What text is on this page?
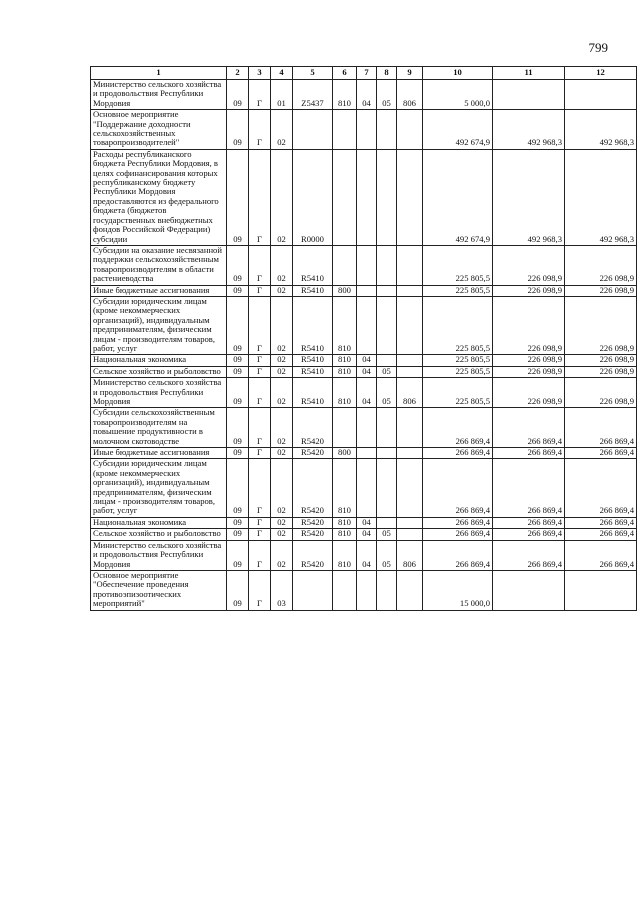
799
1	2	3	4	5	6	7	8	9	10	11	12
Министерство сельского хозяйства и продовольствия Республики Мордовия	09	Г	01	Z5437	810	04	05	806	5 000,0		
Основное мероприятие "Поддержание доходности сельскохозяйственных товаропроизводителей"	09	Г	02						492 674,9	492 968,3	492 968,3
Расходы республиканского бюджета Республики Мордовия, в целях софинансирования которых республиканскому бюджету Республики Мордовия предоставляются из федерального бюджета (бюджетов государственных внебюджетных фондов Российской Федерации) субсидии	09	Г	02	R0000					492 674,9	492 968,3	492 968,3
Субсидии на оказание несвязанной поддержки сельскохозяйственным товаропроизводителям в области растениеводства	09	Г	02	R5410					225 805,5	226 098,9	226 098,9
Иные бюджетные ассигнования	09	Г	02	R5410	800				225 805,5	226 098,9	226 098,9
Субсидии юридическим лицам (кроме некоммерческих организаций), индивидуальным предпринимателям, физическим лицам - производителям товаров, работ, услуг	09	Г	02	R5410	810				225 805,5	226 098,9	226 098,9
Национальная экономика	09	Г	02	R5410	810	04			225 805,5	226 098,9	226 098,9
Сельское хозяйство и рыболовство	09	Г	02	R5410	810	04	05		225 805,5	226 098,9	226 098,9
Министерство сельского хозяйства и продовольствия Республики Мордовия	09	Г	02	R5410	810	04	05	806	225 805,5	226 098,9	226 098,9
Субсидии сельскохозяйственным товаропроизводителям на повышение продуктивности в молочном скотоводстве	09	Г	02	R5420					266 869,4	266 869,4	266 869,4
Иные бюджетные ассигнования	09	Г	02	R5420	800				266 869,4	266 869,4	266 869,4
Субсидии юридическим лицам (кроме некоммерческих организаций), индивидуальным предпринимателям, физическим лицам - производителям товаров, работ, услуг	09	Г	02	R5420	810				266 869,4	266 869,4	266 869,4
Национальная экономика	09	Г	02	R5420	810	04			266 869,4	266 869,4	266 869,4
Сельское хозяйство и рыболовство	09	Г	02	R5420	810	04	05		266 869,4	266 869,4	266 869,4
Министерство сельского хозяйства и продовольствия Республики Мордовия	09	Г	02	R5420	810	04	05	806	266 869,4	266 869,4	266 869,4
Основное мероприятие "Обеспечение проведения противоэпизоотических мероприятий"	09	Г	03						15 000,0		
